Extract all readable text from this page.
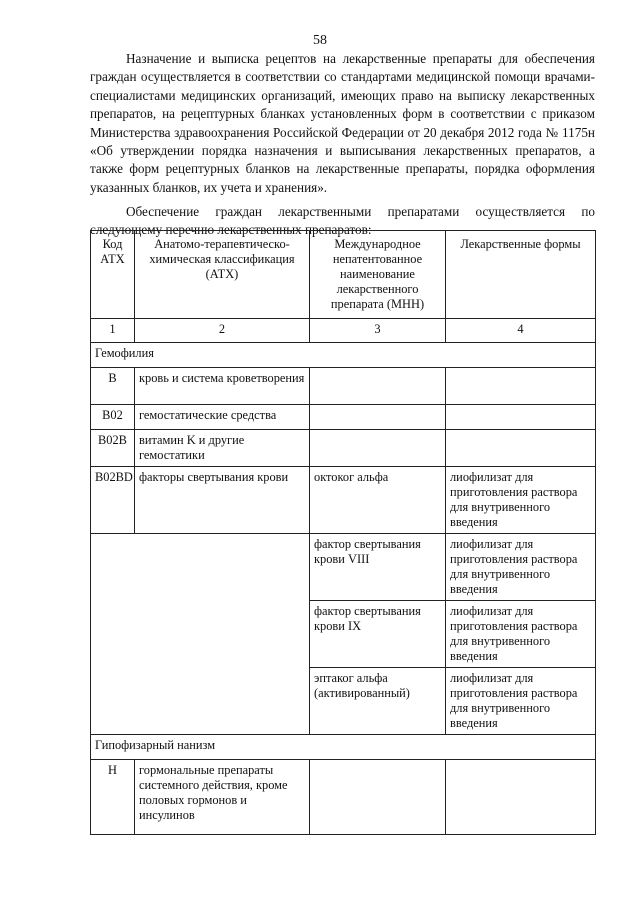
58

Назначение и выписка рецептов на лекарственные препараты для обеспечения граждан осуществляется в соответствии со стандартами медицинской помощи врачами-специалистами медицинских организаций, имеющих право на выписку лекарственных препаратов, на рецептурных бланках установленных форм в соответствии с приказом Министерства здравоохранения Российской Федерации от 20 декабря 2012 года № 1175н «Об утверждении порядка назначения и выписывания лекарственных препаратов, а также форм рецептурных бланков на лекарственные препараты, порядка оформления указанных бланков, их учета и хранения».

Обеспечение граждан лекарственными препаратами осуществляется по следующему перечню лекарственных препаратов:

Код АТХ	Анатомо-терапевтическо-химическая классификация (АТХ)	Международное непатентованное наименование лекарственного препарата (МНН)	Лекарственные формы
1	2	3	4
Гемофилия			
B	кровь и система кроветворения		
B02	гемостатические средства		
B02B	витамин K и другие гемостатики		
B02BD	факторы свертывания крови	октоког альфа	лиофилизат для приготовления раствора для внутривенного введения
		фактор свертывания крови VIII	лиофилизат для приготовления раствора для внутривенного введения
		фактор свертывания крови IX	лиофилизат для приготовления раствора для внутривенного введения
		эптаког альфа (активированный)	лиофилизат для приготовления раствора для внутривенного введения
Гипофизарный нанизм			
H	гормональные препараты системного действия, кроме половых гормонов и инсулинов		
